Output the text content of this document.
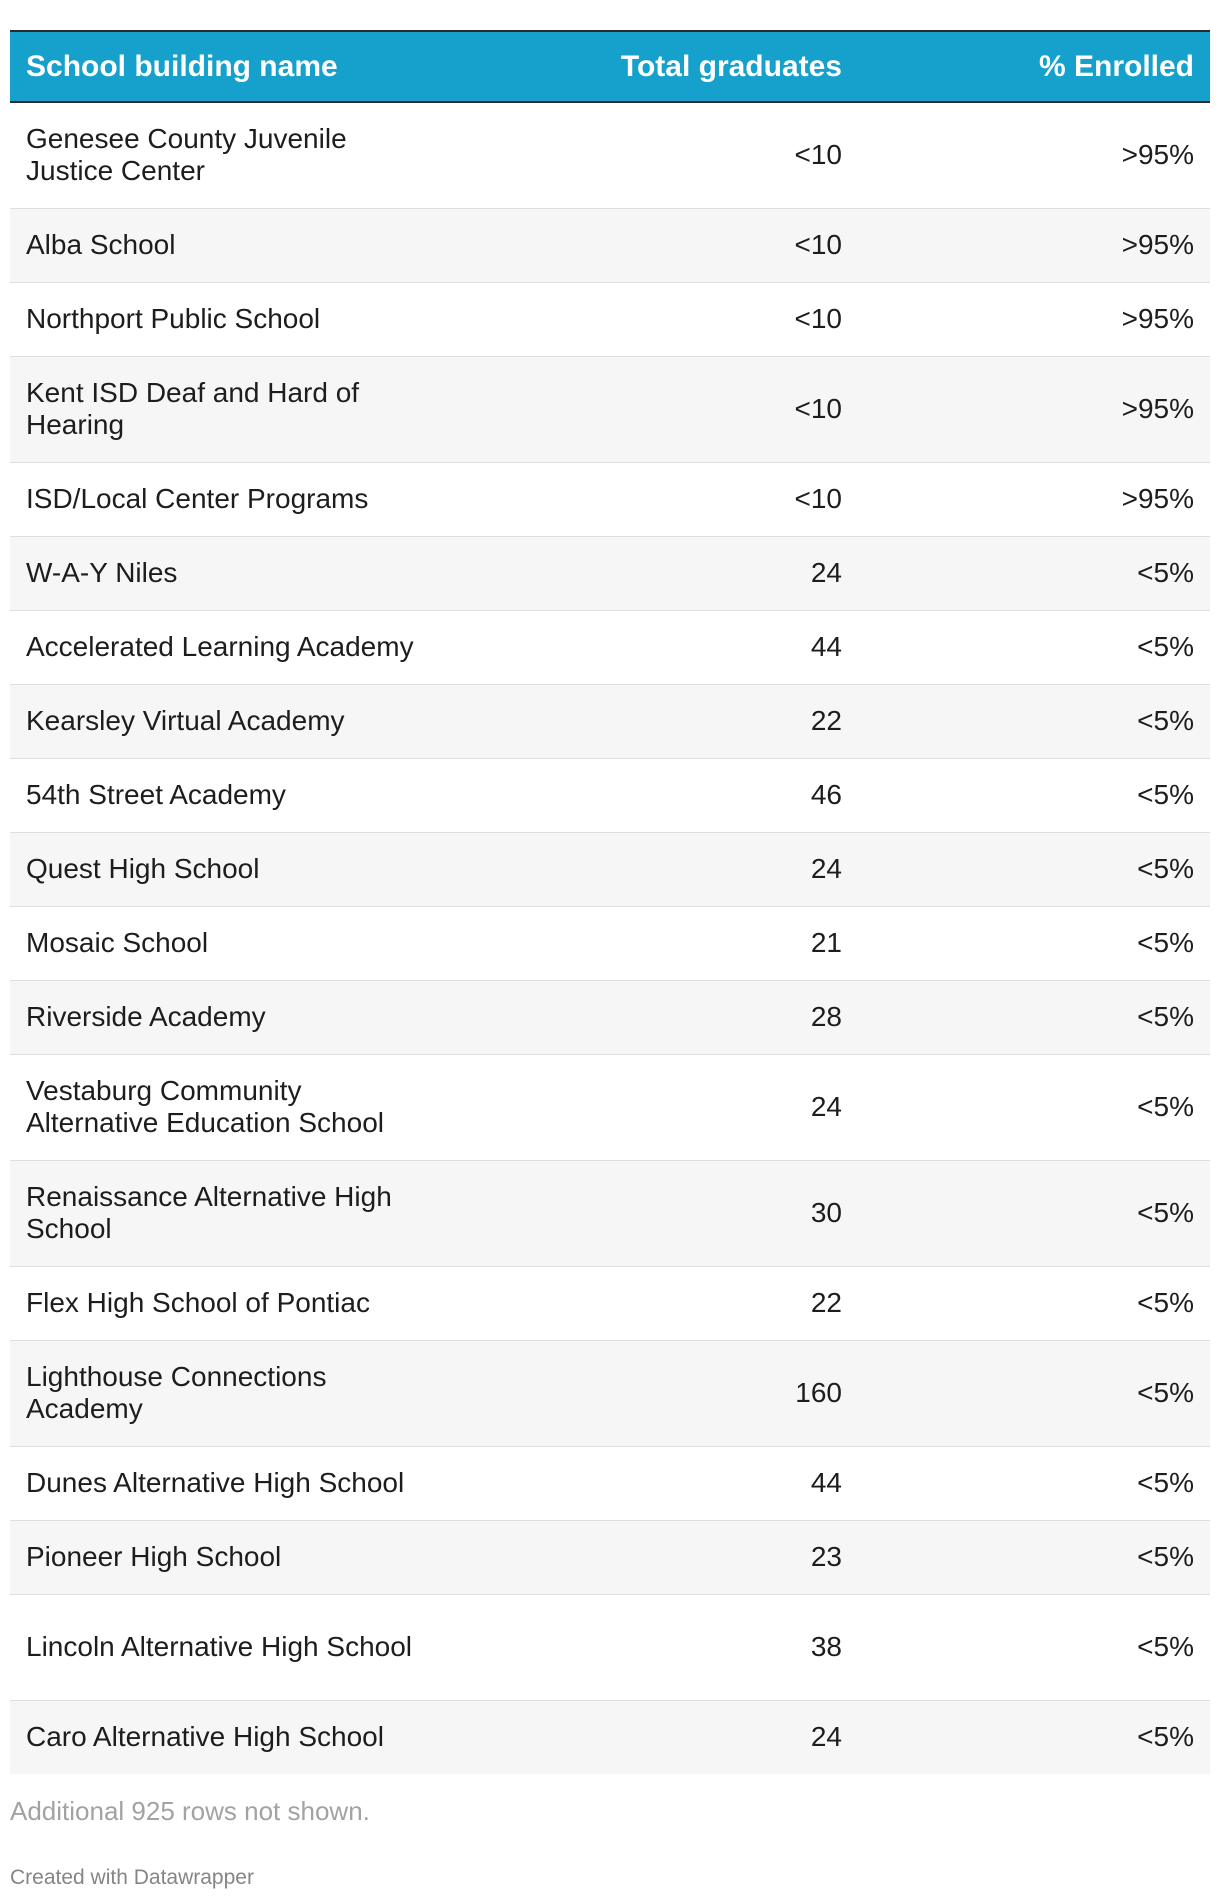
School building name	Total graduates	% Enrolled
Genesee County Juvenile Justice Center	<10	>95%
Alba School	<10	>95%
Northport Public School	<10	>95%
Kent ISD Deaf and Hard of Hearing	<10	>95%
ISD/Local Center Programs	<10	>95%
W-A-Y Niles	24	<5%
Accelerated Learning Academy	44	<5%
Kearsley Virtual Academy	22	<5%
54th Street Academy	46	<5%
Quest High School	24	<5%
Mosaic School	21	<5%
Riverside Academy	28	<5%
Vestaburg Community Alternative Education School	24	<5%
Renaissance Alternative High School	30	<5%
Flex High School of Pontiac	22	<5%
Lighthouse Connections Academy	160	<5%
Dunes Alternative High School	44	<5%
Pioneer High School	23	<5%
Lincoln Alternative High School	38	<5%
Caro Alternative High School	24	<5%
Additional 925 rows not shown.
Created with Datawrapper
